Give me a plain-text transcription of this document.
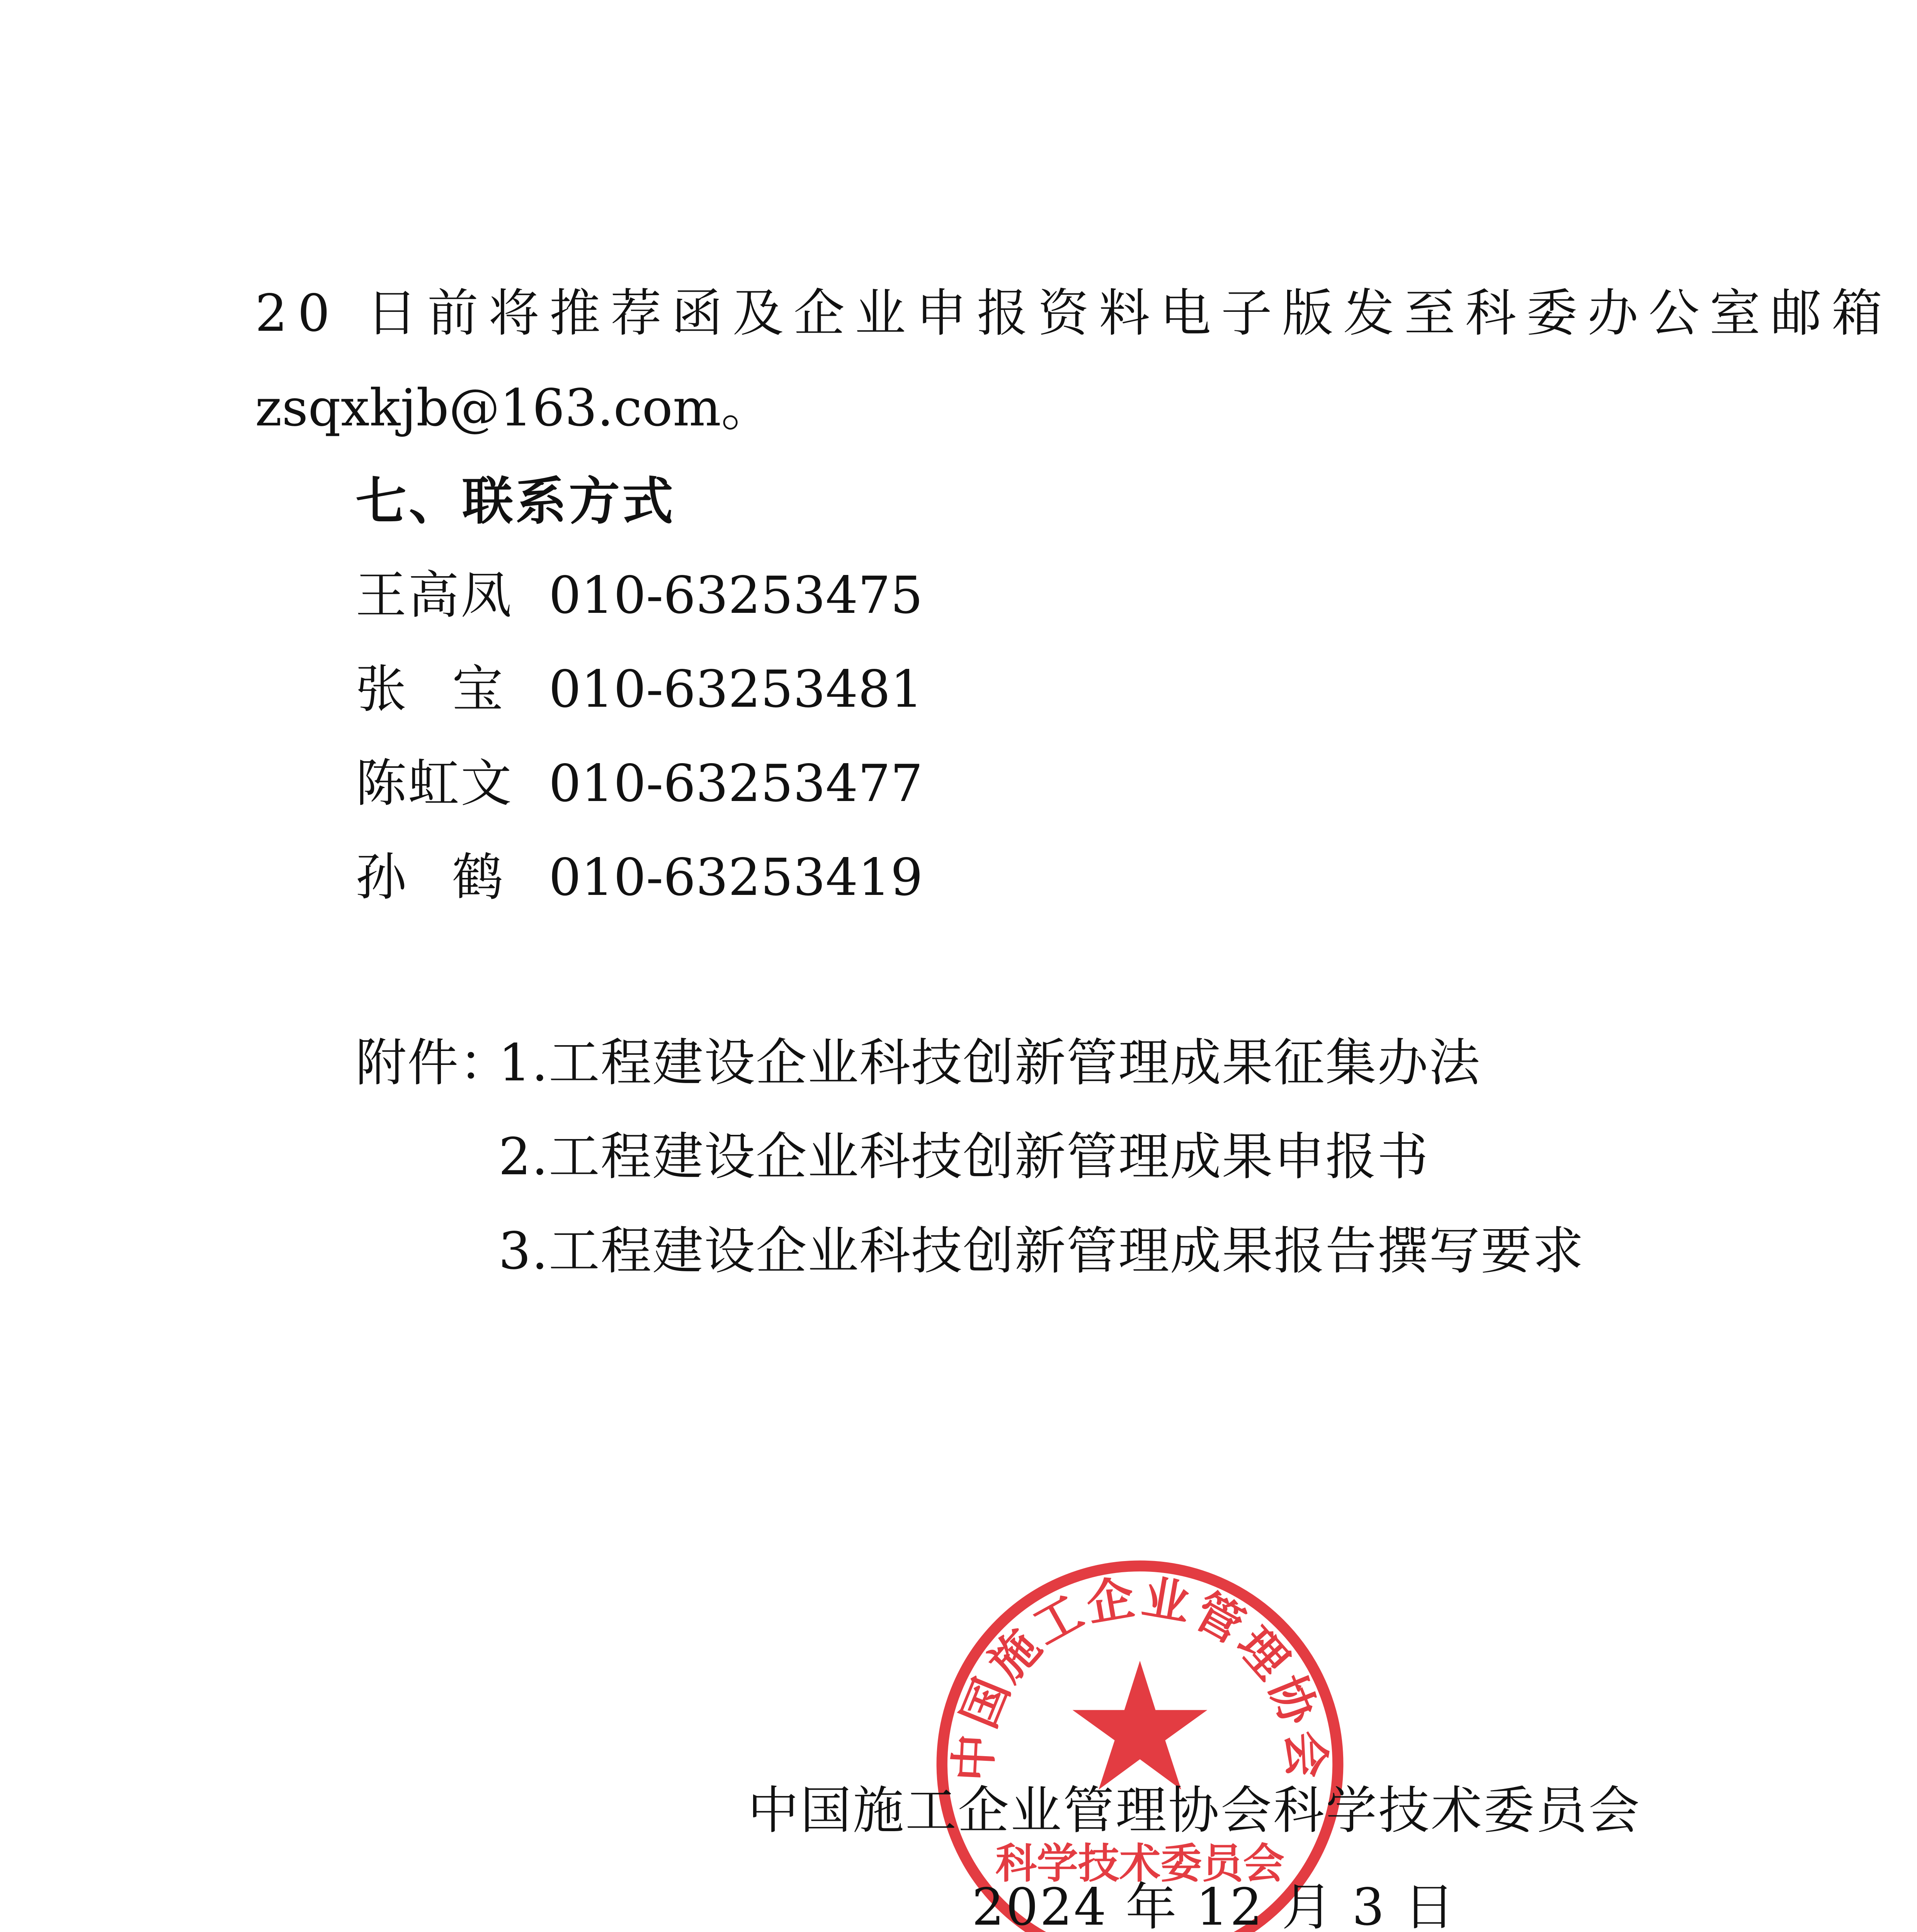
20 日前将推荐函及企业申报资料电子版发至科委办公室邮箱
zsqxkjb@163.com。
七、联系方式
王高凤 010-63253475
张 宝 010-63253481
陈虹文 010-63253477
孙 鹤 010-63253419
附件：
1.工程建设企业科技创新管理成果征集办法
2.工程建设企业科技创新管理成果申报书
3.工程建设企业科技创新管理成果报告撰写要求
中国施工企业管理协会
科学技术委员会
中国施工企业管理协会科学技术委员会
2024 年 12 月 3 日
